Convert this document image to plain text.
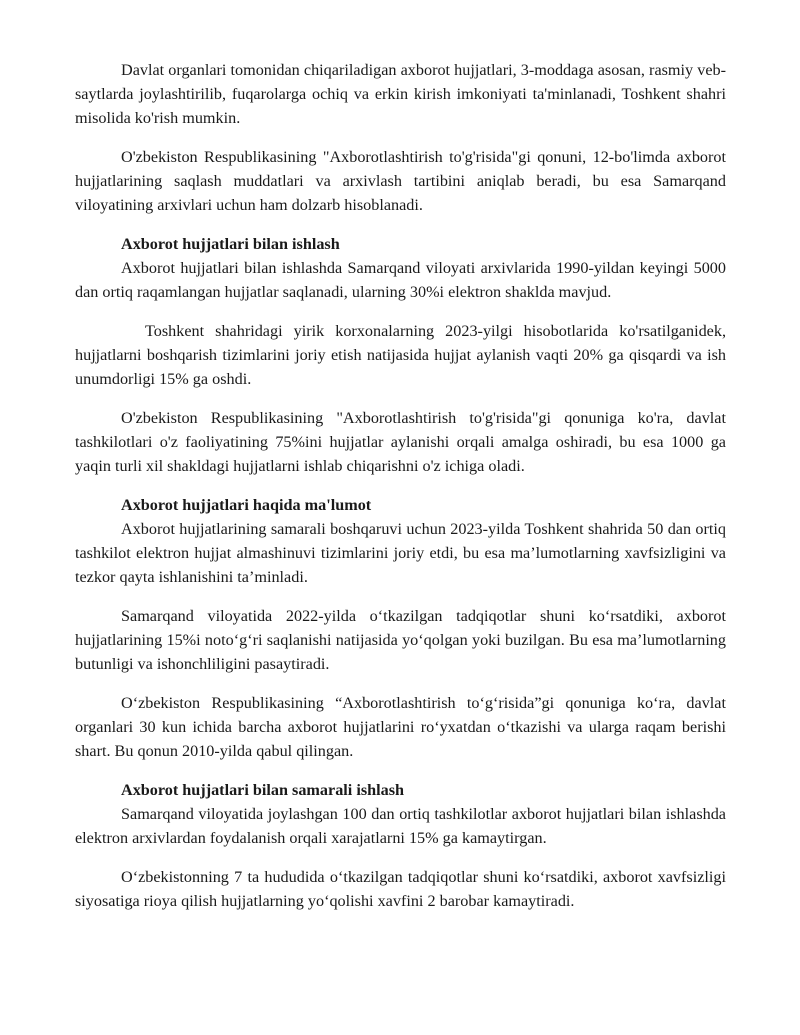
Davlat organlari tomonidan chiqariladigan axborot hujjatlari, 3-moddaga asosan, rasmiy veb-saytlarda joylashtirilib, fuqarolarga ochiq va erkin kirish imkoniyati ta'minlanadi, Toshkent shahri misolida ko'rish mumkin.

O'zbekiston Respublikasining "Axborotlashtirish to'g'risida"gi qonuni, 12-bo'limda axborot hujjatlarining saqlash muddatlari va arxivlash tartibini aniqlab beradi, bu esa Samarqand viloyatining arxivlari uchun ham dolzarb hisoblanadi.

Axborot hujjatlari bilan ishlash

Axborot hujjatlari bilan ishlashda Samarqand viloyati arxivlarida 1990-yildan keyingi 5000 dan ortiq raqamlangan hujjatlar saqlanadi, ularning 30%i elektron shaklda mavjud.

Toshkent shahridagi yirik korxonalarning 2023-yilgi hisobotlarida ko'rsatilganidek, hujjatlarni boshqarish tizimlarini joriy etish natijasida hujjat aylanish vaqti 20% ga qisqardi va ish unumdorligi 15% ga oshdi.

O'zbekiston Respublikasining "Axborotlashtirish to'g'risida"gi qonuniga ko'ra, davlat tashkilotlari o'z faoliyatining 75%ini hujjatlar aylanishi orqali amalga oshiradi, bu esa 1000 ga yaqin turli xil shakldagi hujjatlarni ishlab chiqarishni o'z ichiga oladi.

Axborot hujjatlari haqida ma'lumot

Axborot hujjatlarining samarali boshqaruvi uchun 2023-yilda Toshkent shahrida 50 dan ortiq tashkilot elektron hujjat almashinuvi tizimlarini joriy etdi, bu esa ma’lumotlarning xavfsizligini va tezkor qayta ishlanishini ta’minladi.

Samarqand viloyatida 2022-yilda o‘tkazilgan tadqiqotlar shuni ko‘rsatdiki, axborot hujjatlarining 15%i noto‘g‘ri saqlanishi natijasida yo‘qolgan yoki buzilgan. Bu esa ma’lumotlarning butunligi va ishonchliligini pasaytiradi.

O‘zbekiston Respublikasining “Axborotlashtirish to‘g‘risida”gi qonuniga ko‘ra, davlat organlari 30 kun ichida barcha axborot hujjatlarini ro‘yxatdan o‘tkazishi va ularga raqam berishi shart. Bu qonun 2010-yilda qabul qilingan.

Axborot hujjatlari bilan samarali ishlash

Samarqand viloyatida joylashgan 100 dan ortiq tashkilotlar axborot hujjatlari bilan ishlashda elektron arxivlardan foydalanish orqali xarajatlarni 15% ga kamaytirgan.

O‘zbekistonning 7 ta hududida o‘tkazilgan tadqiqotlar shuni ko‘rsatdiki, axborot xavfsizligi siyosatiga rioya qilish hujjatlarning yo‘qolishi xavfini 2 barobar kamaytiradi.
